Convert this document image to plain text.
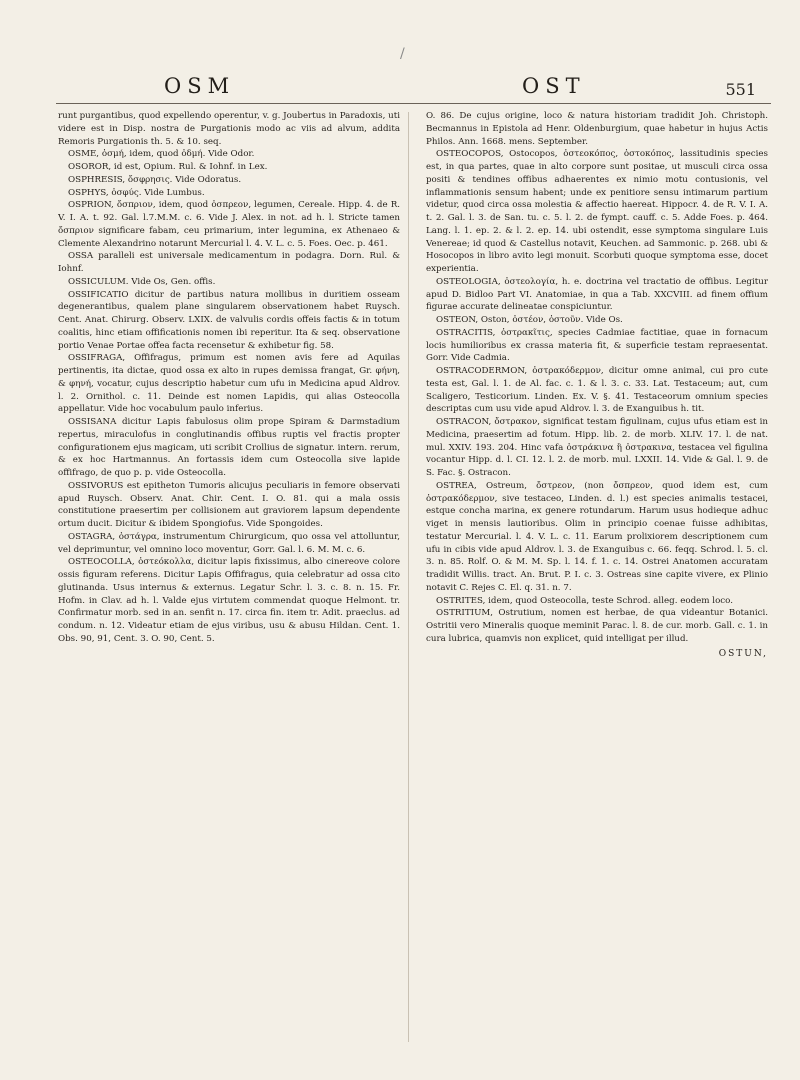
/
OSM	OST	551

runt purgantibus, quod expellendo operentur, v. g. Joubertus in Paradoxis, uti videre est in Disp. nostra de Purgationis modo ac viis ad alvum, addita Remoris Purgationis th. 5. & 10. seq.

OSME, ὀσμή, idem, quod ὀδμή. Vide Odor.

OSOROR, id est, Opium. Rul. & Iohnf. in Lex.

OSPHRESIS, ὄσφρησις. Vide Odoratus.

OSPHYS, ὀσφύς. Vide Lumbus.

OSPRION, ὄσπριον, idem, quod ὀσπρεον, legumen, Cereale. Hipp. 4. de R. V. I. A. t. 92. Gal. l.7.M.M. c. 6. Vide J. Alex. in not. ad h. l. Stricte tamen ὄσπριον significare fabam, ceu primarium, inter legumina, ex Athenaeo & Clemente Alexandrino notarunt Mercurial l. 4. V. L. c. 5. Foes. Oec. p. 461.

OSSA paralleli est universale medicamentum in podagra. Dorn. Rul. & Iohnf.

OSSICULUM. Vide Os, Gen. offis.

OSSIFICATIO dicitur de partibus natura mollibus in duritiem osseam degenerantibus, qualem plane singularem observationem habet Ruysch. Cent. Anat. Chirurg. Observ. LXIX. de valvulis cordis offeis factis & in totum coalitis, hinc etiam offificationis nomen ibi reperitur. Ita & seq. observatione portio Venae Portae offea facta recensetur & exhibetur fig. 58.

OSSIFRAGA, Offifragus, primum est nomen avis fere ad Aquilas pertinentis, ita dictae, quod ossa ex alto in rupes demissa frangat, Gr. φήνη, & φηνή, vocatur, cujus descriptio habetur cum ufu in Medicina apud Aldrov. l. 2. Ornithol. c. 11. Deinde est nomen Lapidis, qui alias Osteocolla appellatur. Vide hoc vocabulum paulo inferius.

OSSISANA dicitur Lapis fabulosus olim prope Spiram & Darmstadium repertus, miraculofus in conglutinandis offibus ruptis vel fractis propter configurationem ejus magicam, uti scribit Crollius de signatur. intern. rerum, & ex hoc Hartmannus. An fortassis idem cum Osteocolla sive lapide offifrago, de quo p. p. vide Osteocolla.

OSSIVORUS est epitheton Tumoris alicujus peculiaris in femore observati apud Ruysch. Observ. Anat. Chir. Cent. I. O. 81. qui a mala ossis constitutione praesertim per collisionem aut graviorem lapsum dependente ortum ducit. Dicitur & ibidem Spongiofus. Vide Spongoides.

OSTAGRA, ὀστάγρα, instrumentum Chirurgicum, quo ossa vel attolluntur, vel deprimuntur, vel omnino loco moventur, Gorr. Gal. l. 6. M. M. c. 6.

OSTEOCOLLA, ὀστεόκολλα, dicitur lapis fixissimus, albo cinereove colore ossis figuram referens. Dicitur Lapis Offifragus, quia celebratur ad ossa cito glutinanda. Usus internus & externus. Legatur Schr. l. 3. c. 8. n. 15. Fr. Hofm. in Clav. ad h. l. Valde ejus virtutem commendat quoque Helmont. tr. Confirmatur morb. sed in an. senfit n. 17. circa fin. item tr. Adit. praeclus. ad condum. n. 12. Videatur etiam de ejus viribus, usu & abusu Hildan. Cent. 1. Obs. 90, 91, Cent. 3. O. 90, Cent. 5.

O. 86. De cujus origine, loco & natura historiam tradidit Joh. Christoph. Becmannus in Epistola ad Henr. Oldenburgium, quae habetur in hujus Actis Philos. Ann. 1668. mens. September.

OSTEOCOPOS, Ostocopos, ὀστεοκόπος, ὀστοκόπος, lassitudinis species est, in qua partes, quae in alto corpore sunt positae, ut musculi circa ossa positi & tendines offibus adhaerentes ex nimio motu contusionis, vel inflammationis sensum habent; unde ex penitiore sensu intimarum partium videtur, quod circa ossa molestia & affectio haereat. Hippocr. 4. de R. V. I. A. t. 2. Gal. l. 3. de San. tu. c. 5. l. 2. de fympt. cauff. c. 5. Adde Foes. p. 464. Lang. l. 1. ep. 2. & l. 2. ep. 14. ubi ostendit, esse symptoma singulare Luis Venereae; id quod & Castellus notavit, Keuchen. ad Sammonic. p. 268. ubi & Hosocopos in libro avito legi monuit. Scorbuti quoque symptoma esse, docet experientia.

OSTEOLOGIA, ὀστεολογία, h. e. doctrina vel tractatio de offibus. Legitur apud D. Bidloo Part VI. Anatomiae, in qua a Tab. XXCVIII. ad finem offium figurae accurate delineatae conspiciuntur.

OSTEON, Oston, ὀστέον, ὀστοῦν. Vide Os.

OSTRACITIS, ὀστρακῖτις, species Cadmiae factitiae, quae in fornacum locis humilioribus ex crassa materia fit, & superficie testam repraesentat. Gorr. Vide Cadmia.

OSTRACODERMON, ὀστρακόδερμον, dicitur omne animal, cui pro cute testa est, Gal. l. 1. de Al. fac. c. 1. & l. 3. c. 33. Lat. Testaceum; aut, cum Scaligero, Testicorium. Linden. Ex. V. §. 41. Testaceorum omnium species descriptas cum usu vide apud Aldrov. l. 3. de Exanguibus h. tit.

OSTRACON, ὄστρακον, significat testam figulinam, cujus ufus etiam est in Medicina, praesertim ad fotum. Hipp. lib. 2. de morb. XLIV. 17. l. de nat. mul. XXIV. 193. 204. Hinc vafa ὀστράκινα ἢ ὀστρακινα, testacea vel figulina vocantur Hipp. d. l. CI. 12. l. 2. de morb. mul. LXXII. 14. Vide & Gal. l. 9. de S. Fac. §. Ostracon.

OSTREA, Ostreum, ὄστρεον, (non ὄσπρεον, quod idem est, cum ὀστρακόδερμον, sive testaceo, Linden. d. l.) est species animalis testacei, estque concha marina, ex genere rotundarum. Harum usus hodieque adhuc viget in mensis lautioribus. Olim in principio coenae fuisse adhibitas, testatur Mercurial. l. 4. V. L. c. 11. Earum prolixiorem descriptionem cum ufu in cibis vide apud Aldrov. l. 3. de Exanguibus c. 66. feqq. Schrod. l. 5. cl. 3. n. 85. Rolf. O. & M. M. Sp. l. 14. f. 1. c. 14. Ostrei Anatomen accuratam tradidit Willis. tract. An. Brut. P. I. c. 3. Ostreas sine capite vivere, ex Plinio notavit C. Rejes C. El. q. 31. n. 7.

OSTRITES, idem, quod Osteocolla, teste Schrod. alleg. eodem loco.

OSTRITIUM, Ostrutium, nomen est herbae, de qua videantur Botanici. Ostritii vero Mineralis quoque meminit Parac. l. 8. de cur. morb. Gall. c. 1. in cura lubrica, quamvis non explicet, quid intelligat per illud.

OSTUN,
